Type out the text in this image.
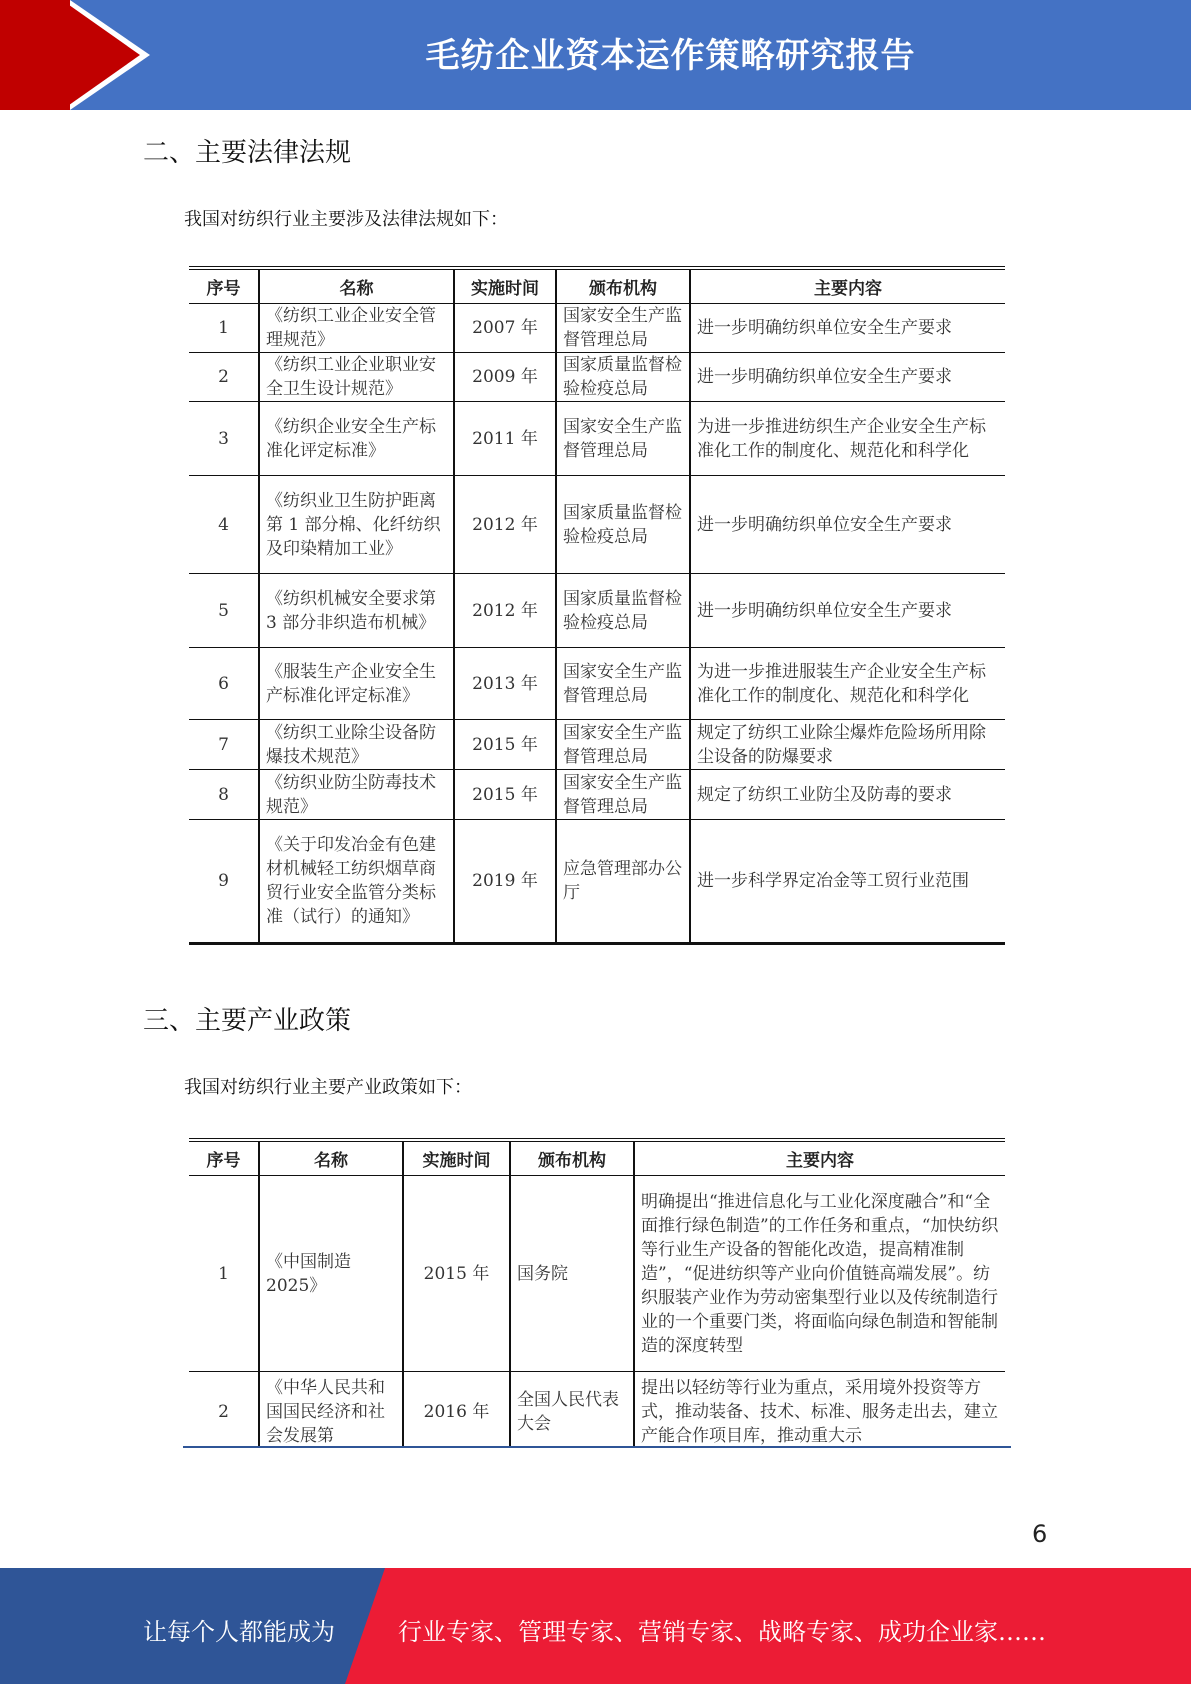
毛纺企业资本运作策略研究报告
二、主要法律法规
我国对纺织行业主要涉及法律法规如下：
序号	名称	实施时间	颁布机构	主要内容
1	《纺织工业企业安全管理规范》	2007 年	国家安全生产监督管理总局	进一步明确纺织单位安全生产要求
2	《纺织工业企业职业安全卫生设计规范》	2009 年	国家质量监督检验检疫总局	进一步明确纺织单位安全生产要求
3	《纺织企业安全生产标准化评定标准》	2011 年	国家安全生产监督管理总局	为进一步推进纺织生产企业安全生产标准化工作的制度化、规范化和科学化
4	《纺织业卫生防护距离第 1 部分棉、化纤纺织及印染精加工业》	2012 年	国家质量监督检验检疫总局	进一步明确纺织单位安全生产要求
5	《纺织机械安全要求第 3 部分非织造布机械》	2012 年	国家质量监督检验检疫总局	进一步明确纺织单位安全生产要求
6	《服装生产企业安全生产标准化评定标准》	2013 年	国家安全生产监督管理总局	为进一步推进服装生产企业安全生产标准化工作的制度化、规范化和科学化
7	《纺织工业除尘设备防爆技术规范》	2015 年	国家安全生产监督管理总局	规定了纺织工业除尘爆炸危险场所用除尘设备的防爆要求
8	《纺织业防尘防毒技术规范》	2015 年	国家安全生产监督管理总局	规定了纺织工业防尘及防毒的要求
9	《关于印发冶金有色建材机械轻工纺织烟草商贸行业安全监管分类标准（试行）的通知》	2019 年	应急管理部办公厅	进一步科学界定冶金等工贸行业范围
三、主要产业政策
我国对纺织行业主要产业政策如下：
序号	名称	实施时间	颁布机构	主要内容
1	《中国制造2025》	2015 年	国务院	明确提出“推进信息化与工业化深度融合”和“全面推行绿色制造”的工作任务和重点，“加快纺织等行业生产设备的智能化改造，提高精准制造”，“促进纺织等产业向价值链高端发展”。纺织服装产业作为劳动密集型行业以及传统制造行业的一个重要门类，将面临向绿色制造和智能制造的深度转型
2	《中华人民共和国国民经济和社会发展第	2016 年	全国人民代表大会	提出以轻纺等行业为重点，采用境外投资等方式，推动装备、技术、标准、服务走出去，建立产能合作项目库，推动重大示
6
让每个人都能成为	行业专家、管理专家、营销专家、战略专家、成功企业家……
